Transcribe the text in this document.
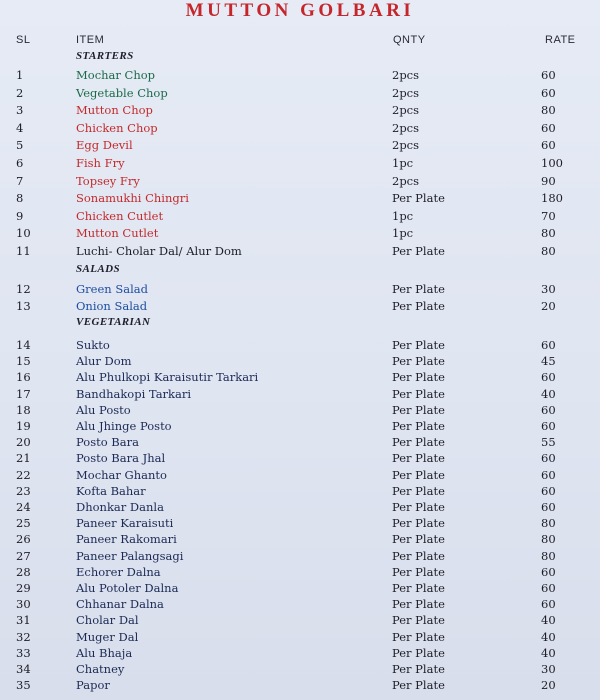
MUTTON GOLBARI
SL	ITEM	QNTY	RATE
STARTERS
1	Mochar Chop	2pcs	60
2	Vegetable Chop	2pcs	60
3	Mutton Chop	2pcs	80
4	Chicken Chop	2pcs	60
5	Egg Devil	2pcs	60
6	Fish Fry	1pc	100
7	Topsey Fry	2pcs	90
8	Sonamukhi Chingri	Per Plate	180
9	Chicken Cutlet	1pc	70
10	Mutton Cutlet	1pc	80
11	Luchi- Cholar Dal/ Alur Dom	Per Plate	80
SALADS
12	Green Salad	Per Plate	30
13	Onion Salad	Per Plate	20
VEGETARIAN
14	Sukto	Per Plate	60
15	Alur Dom	Per Plate	45
16	Alu Phulkopi Karaisutir Tarkari	Per Plate	60
17	Bandhakopi Tarkari	Per Plate	40
18	Alu Posto	Per Plate	60
19	Alu Jhinge Posto	Per Plate	60
20	Posto Bara	Per Plate	55
21	Posto Bara Jhal	Per Plate	60
22	Mochar Ghanto	Per Plate	60
23	Kofta Bahar	Per Plate	60
24	Dhonkar Danla	Per Plate	60
25	Paneer Karaisuti	Per Plate	80
26	Paneer Rakomari	Per Plate	80
27	Paneer Palangsagi	Per Plate	80
28	Echorer Dalna	Per Plate	60
29	Alu Potoler Dalna	Per Plate	60
30	Chhanar Dalna	Per Plate	60
31	Cholar Dal	Per Plate	40
32	Muger Dal	Per Plate	40
33	Alu Bhaja	Per Plate	40
34	Chatney	Per Plate	30
35	Papor	Per Plate	20
